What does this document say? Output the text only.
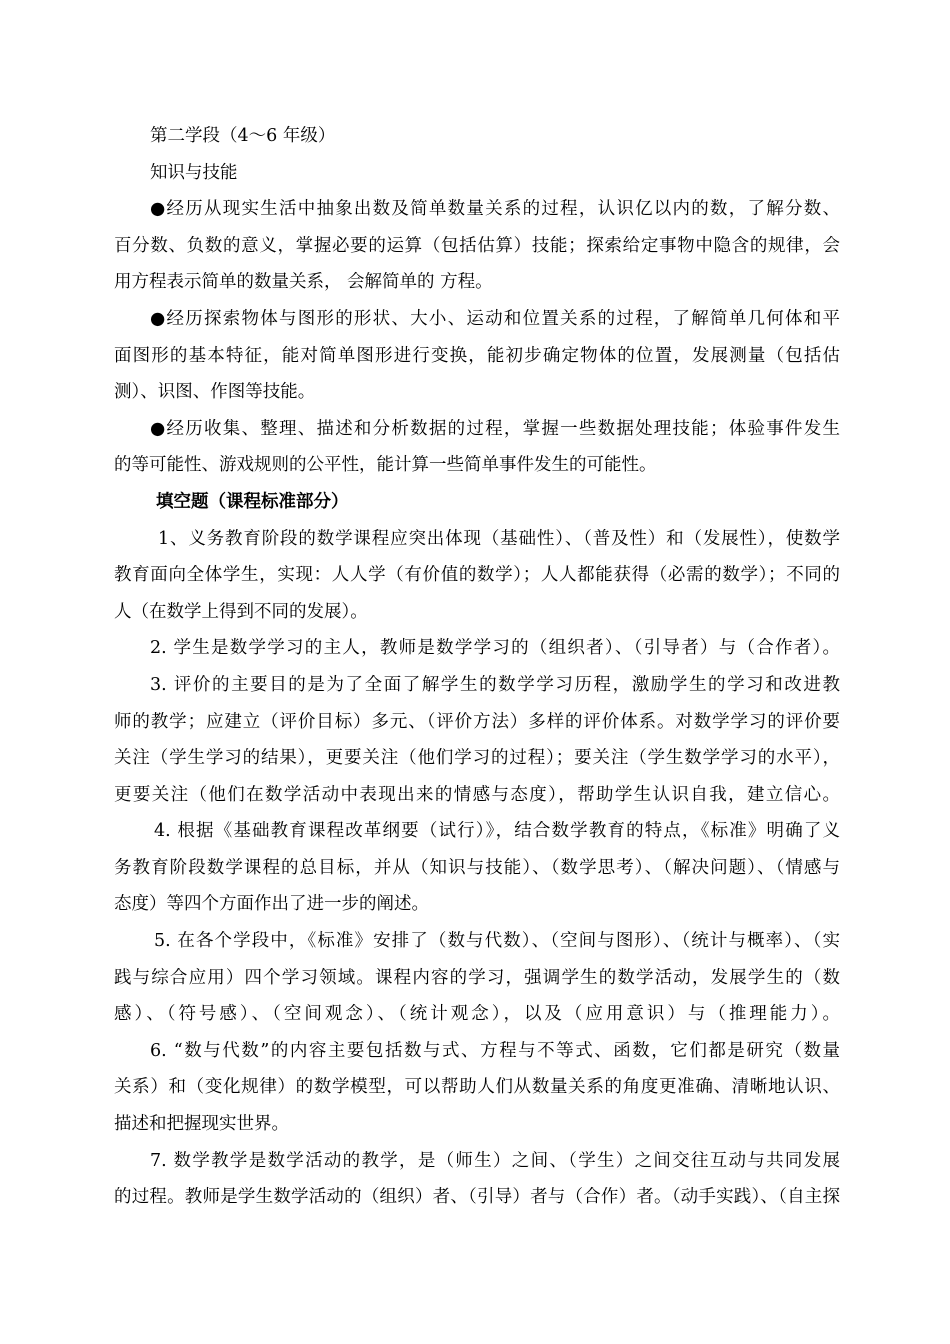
第二学段（4～6 年级）
知识与技能
●经历从现实生活中抽象出数及简单数量关系的过程，认识亿以内的数，了解分数、
百分数、负数的意义，掌握必要的运算（包括估算）技能；探索给定事物中隐含的规律，会
用方程表示简单的数量关系， 会解简单的 方程。
●经历探索物体与图形的形状、大小、运动和位置关系的过程，了解简单几何体和平
面图形的基本特征，能对简单图形进行变换，能初步确定物体的位置，发展测量（包括估
测）、识图、作图等技能。
●经历收集、整理、描述和分析数据的过程，掌握一些数据处理技能；体验事件发生
的等可能性、游戏规则的公平性，能计算一些简单事件发生的可能性。
填空题（课程标准部分）
1、义务教育阶段的数学课程应突出体现（基础性）、（普及性）和（发展性），使数学
教育面向全体学生，实现：人人学（有价值的数学）；人人都能获得（必需的数学）；不同的
人（在数学上得到不同的发展）。
2. 学生是数学学习的主人，教师是数学学习的（组织者）、（引导者）与（合作者）。
3. 评价的主要目的是为了全面了解学生的数学学习历程，激励学生的学习和改进教
师的教学；应建立（评价目标）多元、（评价方法）多样的评价体系。对数学学习的评价要
关注（学生学习的结果），更要关注（他们学习的过程）；要关注（学生数学学习的水平），
更要关注（他们在数学活动中表现出来的情感与态度），帮助学生认识自我，建立信心。
4. 根据《基础教育课程改革纲要（试行）》，结合数学教育的特点，《标准》明确了义
务教育阶段数学课程的总目标，并从（知识与技能）、（数学思考）、（解决问题）、（情感与
态度）等四个方面作出了进一步的阐述。
5. 在各个学段中，《标准》安排了（数与代数）、（空间与图形）、（统计与概率）、（实
践与综合应用）四个学习领域。课程内容的学习，强调学生的数学活动，发展学生的（数
感）、（符号感）、（空间观念）、（统计观念），以及（应用意识）与（推理能力）。
6. “数与代数”的内容主要包括数与式、方程与不等式、函数，它们都是研究（数量
关系）和（变化规律）的数学模型，可以帮助人们从数量关系的角度更准确、清晰地认识、
描述和把握现实世界。
7. 数学教学是数学活动的教学，是（师生）之间、（学生）之间交往互动与共同发展
的过程。教师是学生数学活动的（组织）者、（引导）者与（合作）者。（动手实践）、（自主探
